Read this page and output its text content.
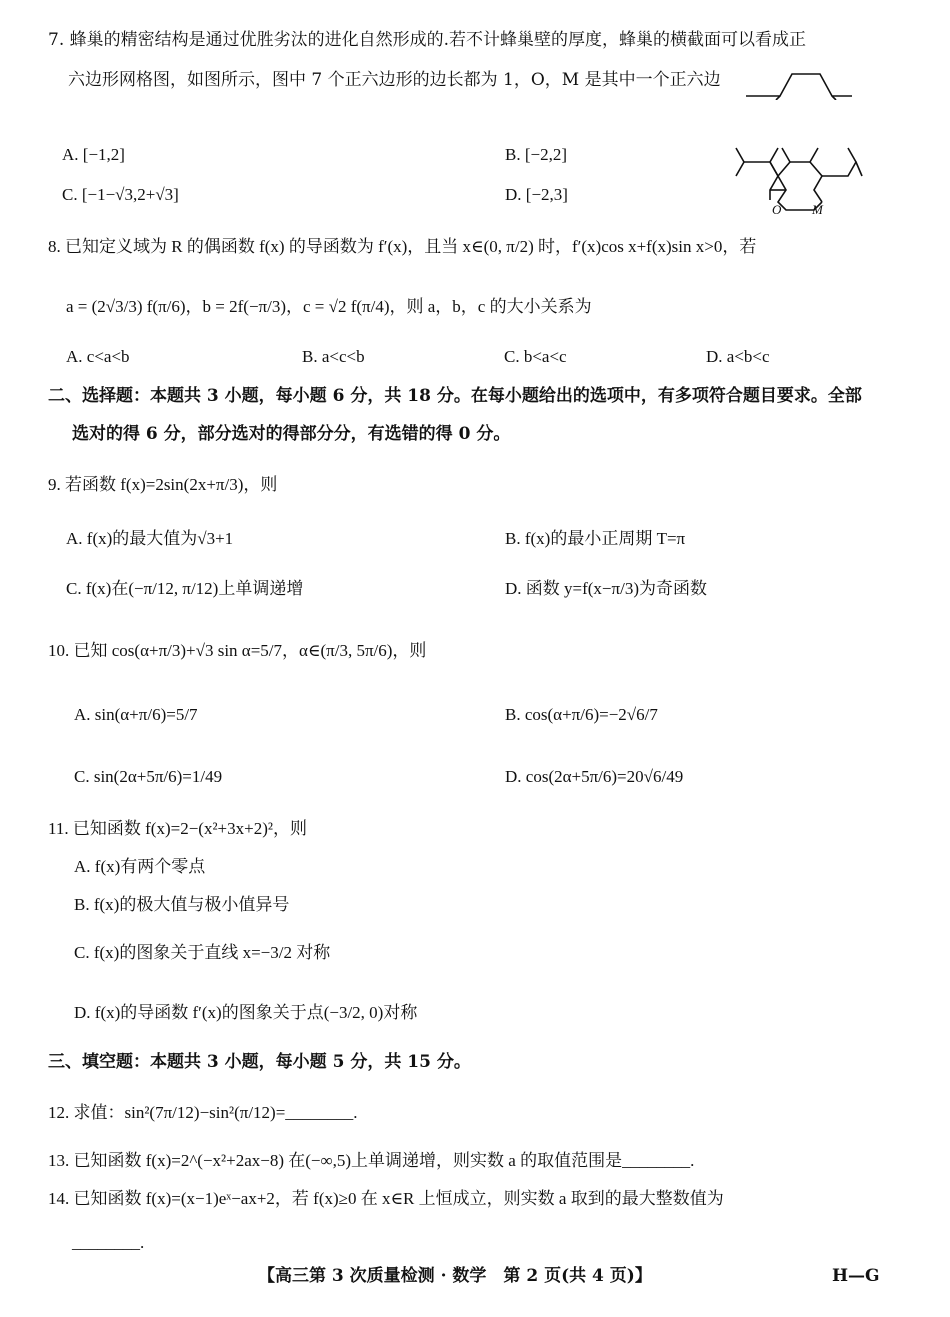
7. 蜂巢的精密结构是通过优胜劣汰的进化自然形成的.若不计蜂巢壁的厚度，蜂巢的横截面可以看成正
六边形网格图，如图所示，图中 7 个正六边形的边长都为 1，O，M 是其中一个正六边
A. [−1,2]	B. [−2,2]
C. [−1−√3,2+√3]	D. [−2,3]
O M
8. 已知定义域为 R 的偶函数 f(x) 的导函数为 f′(x)，且当 x∈(0, π/2) 时，f′(x)cos x+f(x)sin x>0，若
a = (2√3/3) f(π/6)，b = 2f(−π/3)，c = √2 f(π/4)，则 a，b，c 的大小关系为
A. c<a<b	B. a<c<b	C. b<a<c	D. a<b<c
二、选择题：本题共 3 小题，每小题 6 分，共 18 分。在每小题给出的选项中，有多项符合题目要求。全部
选对的得 6 分，部分选对的得部分分，有选错的得 0 分。
9. 若函数 f(x)=2sin(2x+π/3)，则
A. f(x)的最大值为√3+1	B. f(x)的最小正周期 T=π
C. f(x)在(−π/12, π/12)上单调递增	D. 函数 y=f(x−π/3)为奇函数
10. 已知 cos(α+π/3)+√3 sin α=5/7，α∈(π/3, 5π/6)，则
A. sin(α+π/6)=5/7	B. cos(α+π/6)=−2√6/7
C. sin(2α+5π/6)=1/49	D. cos(2α+5π/6)=20√6/49
11. 已知函数 f(x)=2−(x²+3x+2)²，则
A. f(x)有两个零点
B. f(x)的极大值与极小值异号
C. f(x)的图象关于直线 x=−3/2 对称
D. f(x)的导函数 f′(x)的图象关于点(−3/2, 0)对称
三、填空题：本题共 3 小题，每小题 5 分，共 15 分。
12. 求值：sin²(7π/12)−sin²(π/12)=________.
13. 已知函数 f(x)=2^(−x²+2ax−8) 在(−∞,5)上单调递增，则实数 a 的取值范围是________.
14. 已知函数 f(x)=(x−1)eˣ−ax+2，若 f(x)≥0 在 x∈R 上恒成立，则实数 a 取到的最大整数值为
________.
【高三第 3 次质量检测 · 数学　第 2 页(共 4 页)】	H—G
